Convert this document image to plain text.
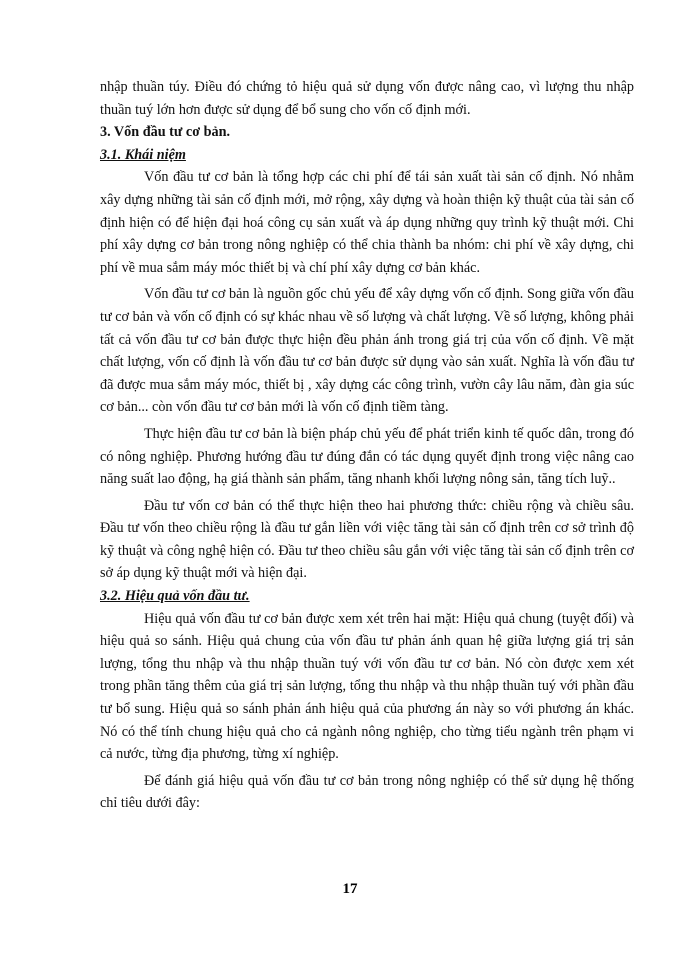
nhập thuần túy. Điều đó chứng tỏ hiệu quả sử dụng vốn được nâng cao, vì lượng thu nhập thuần tuý lớn hơn được sử dụng để bổ sung cho vốn cố định mới.

3. Vốn đầu tư cơ bản.

3.1. Khái niệm

Vốn đầu tư cơ bản là tổng hợp các chi phí để tái sản xuất tài sản cố định. Nó nhằm xây dựng những tài sản cố định mới, mở rộng, xây dựng và hoàn thiện kỹ thuật của tài sản cố định hiện có để hiện đại hoá công cụ sản xuất và áp dụng những quy trình kỹ thuật mới. Chi phí xây dựng cơ bản trong nông nghiệp có thể chia thành ba nhóm: chi phí về xây dựng, chi phí về mua sắm máy móc thiết bị và chí phí xây dựng cơ bản khác.

Vốn đầu tư cơ bản là nguồn gốc chủ yếu để xây dựng vốn cố định. Song giữa vốn đầu tư cơ bản và vốn cố định có sự khác nhau về số lượng và chất lượng. Về số lượng, không phải tất cả vốn đầu tư cơ bản được thực hiện đều phản ánh trong giá trị của vốn cố định. Về mặt chất lượng, vốn cố định là vốn đầu tư cơ bản được sử dụng vào sản xuất. Nghĩa là vốn đầu tư đã được mua sắm máy móc, thiết bị , xây dựng các công trình, vườn cây lâu năm, đàn gia súc cơ bản... còn vốn đầu tư cơ bản mới là vốn cố định tiềm tàng.

Thực hiện đầu tư cơ bản là biện pháp chủ yếu để phát triển kinh tế quốc dân, trong đó có nông nghiệp. Phương hướng đầu tư đúng đắn có tác dụng quyết định trong việc nâng cao năng suất lao động, hạ giá thành sản phẩm, tăng nhanh khối lượng nông sản, tăng tích luỹ..

Đầu tư vốn cơ bản có thể thực hiện theo hai phương thức: chiều rộng và chiều sâu. Đầu tư vốn theo chiều rộng là đầu tư gắn liền với việc tăng tài sản cố định trên cơ sở trình độ kỹ thuật và công nghệ hiện có. Đầu tư theo chiều sâu gắn với việc tăng tài sản cố định trên cơ sở áp dụng kỹ thuật mới và hiện đại.

3.2. Hiệu quả vốn đầu tư.

Hiệu quả vốn đầu tư cơ bản được xem xét trên hai mặt: Hiệu quả chung (tuyệt đối) và hiệu quả so sánh. Hiệu quả chung của vốn đầu tư phản ánh quan hệ giữa lượng giá trị sản lượng, tổng thu nhập và thu nhập thuần tuý với vốn đầu tư cơ bản. Nó còn được xem xét trong phần tăng thêm của giá trị sản lượng, tổng thu nhập và thu nhập thuần tuý với phần đầu tư bổ sung. Hiệu quả so sánh phản ánh hiệu quả của phương án này so với phương án khác. Nó có thể tính chung hiệu quả cho cả ngành nông nghiệp, cho từng tiểu ngành trên phạm vi cả nước, từng địa phương, từng xí nghiệp.

Để đánh giá hiệu quả vốn đầu tư cơ bản trong nông nghiệp có thể sử dụng hệ thống chỉ tiêu dưới đây:

17
